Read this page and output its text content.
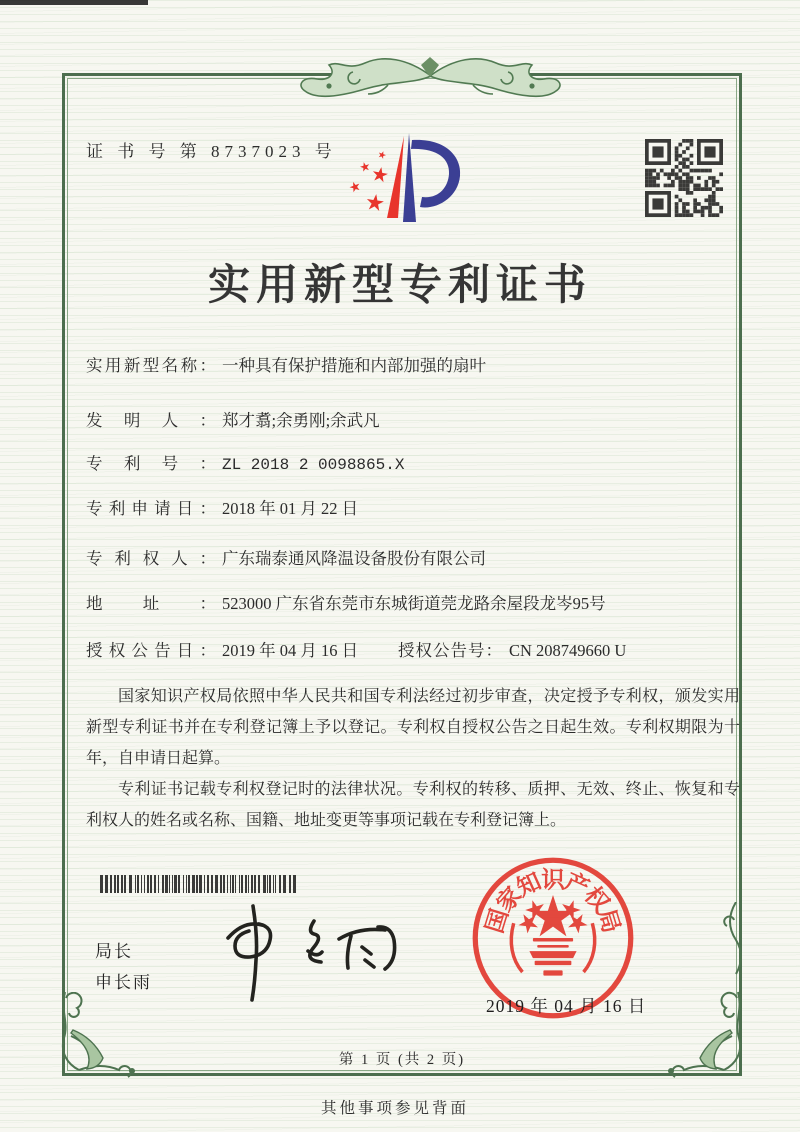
证 书 号 第 8737023 号
实用新型专利证书
实用新型名称： 一种具有保护措施和内部加强的扇叶
发明人： 郑才翥;余勇刚;余武凡
专利号： ZL 2018 2 0098865.X
专利申请日： 2018 年 01 月 22 日
专利权人： 广东瑞泰通风降温设备股份有限公司
地址： 523000 广东省东莞市东城街道莞龙路余屋段龙岑95号
授权公告日： 2019 年 04 月 16 日 授权公告号： CN 208749660 U

国家知识产权局依照中华人民共和国专利法经过初步审查，决定授予专利权，颁发实用新型专利证书并在专利登记簿上予以登记。专利权自授权公告之日起生效。专利权期限为十年，自申请日起算。

专利证书记载专利权登记时的法律状况。专利权的转移、质押、无效、终止、恢复和专利权人的姓名或名称、国籍、地址变更等事项记载在专利登记簿上。

局长
申长雨
国
家
知
识
产
权
局
2019 年 04 月 16 日
第 1 页 (共 2 页)
其他事项参见背面
